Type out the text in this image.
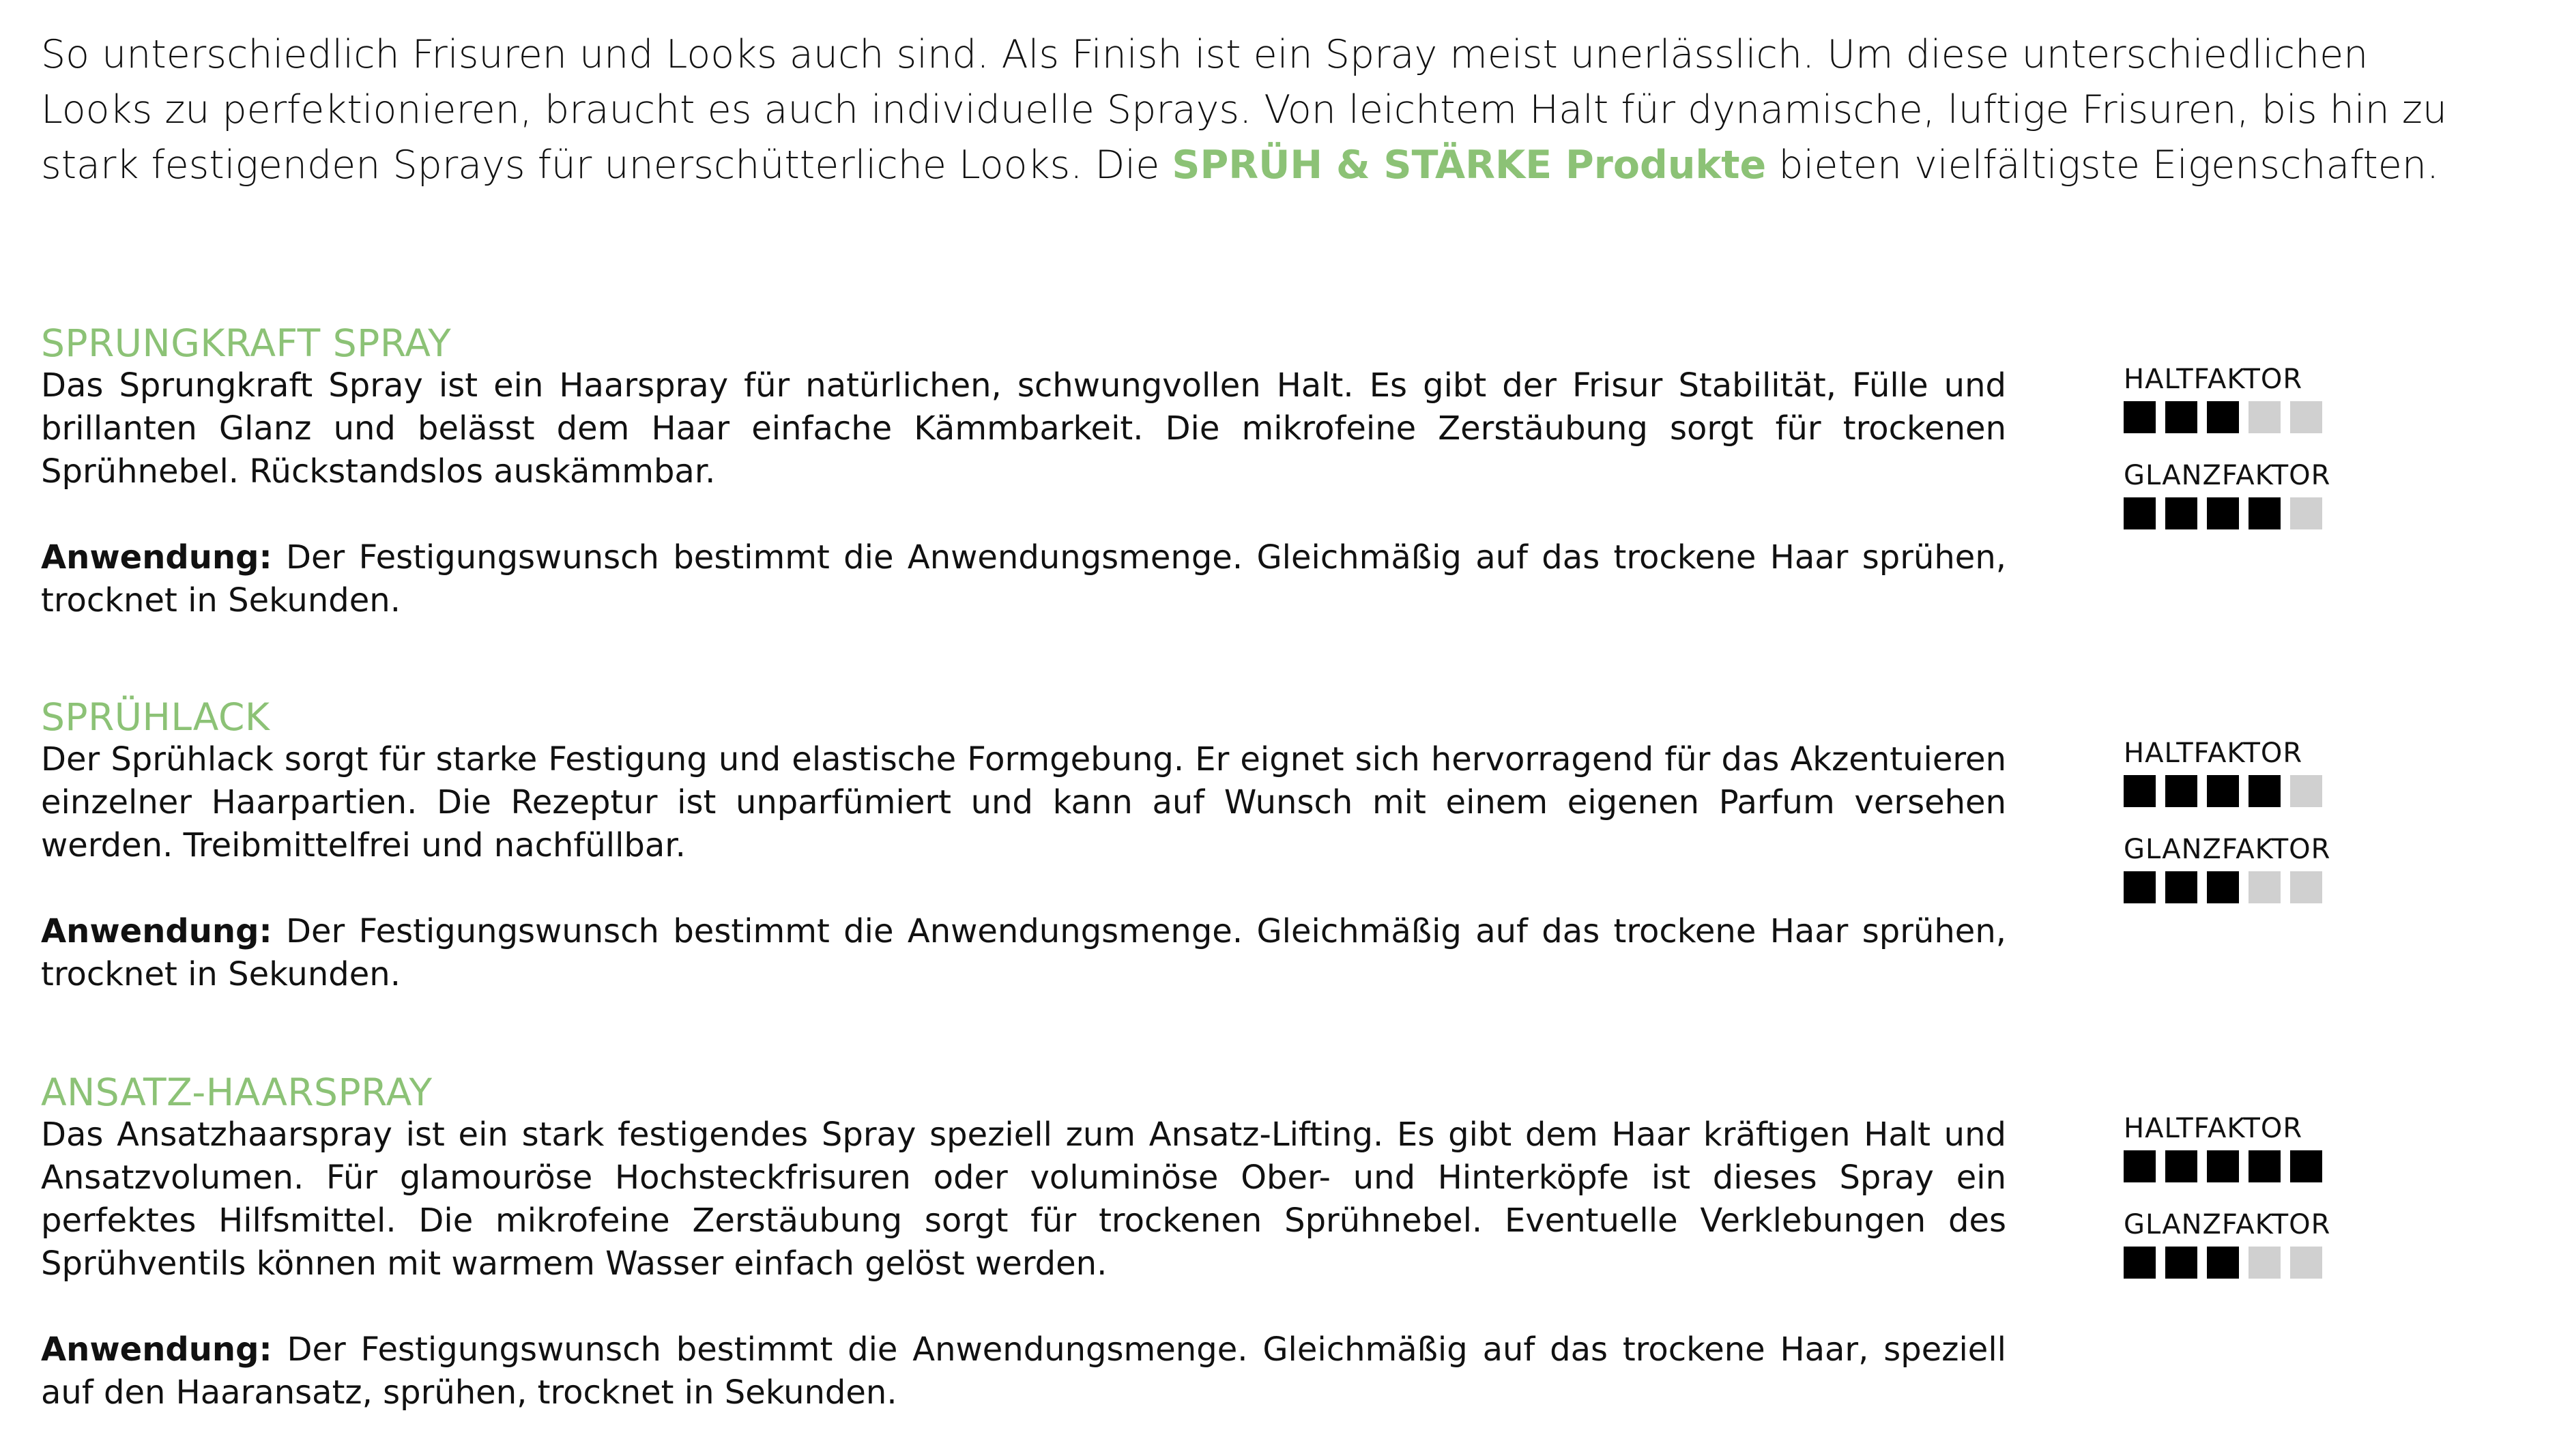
So unterschiedlich Frisuren und Looks auch sind. Als Finish ist ein Spray meist unerlässlich. Um diese unterschiedlichen Looks zu perfektionieren, braucht es auch individuelle Sprays. Von leichtem Halt für dynamische, luftige Frisuren, bis hin zu stark festigenden Sprays für unerschütterliche Looks. Die SPRÜH & STÄRKE Produkte bieten vielfältigste Eigenschaften.

SPRUNGKRAFT SPRAY

Das Sprungkraft Spray ist ein Haarspray für natürlichen, schwungvollen Halt. Es gibt der Frisur Stabilität, Fülle und brillanten Glanz und belässt dem Haar einfache Kämmbarkeit. Die mikrofeine Zerstäubung sorgt für trockenen Sprühnebel. Rückstandslos auskämmbar.

Anwendung: Der Festigungswunsch bestimmt die Anwendungsmenge. Gleichmäßig auf das trockene Haar sprühen, trocknet in Sekunden.

HALTFAKTOR

GLANZFAKTOR

SPRÜHLACK

Der Sprühlack sorgt für starke Festigung und elastische Formgebung. Er eignet sich hervorragend für das Akzentuieren einzelner Haarpartien. Die Rezeptur ist unparfümiert und kann auf Wunsch mit einem eigenen Parfum versehen werden. Treibmittelfrei und nachfüllbar.

Anwendung: Der Festigungswunsch bestimmt die Anwendungsmenge. Gleichmäßig auf das trockene Haar sprühen, trocknet in Sekunden.

HALTFAKTOR

GLANZFAKTOR

ANSATZ-HAARSPRAY

Das Ansatzhaarspray ist ein stark festigendes Spray speziell zum Ansatz-Lifting. Es gibt dem Haar kräftigen Halt und Ansatzvolumen. Für glamouröse Hochsteckfrisuren oder voluminöse Ober- und Hinterköpfe ist dieses Spray ein perfektes Hilfsmittel. Die mikrofeine Zerstäubung sorgt für trockenen Sprühnebel. Eventuelle Verklebungen des Sprühventils können mit warmem Wasser einfach gelöst werden.

Anwendung: Der Festigungswunsch bestimmt die Anwendungsmenge. Gleichmäßig auf das trockene Haar, speziell auf den Haaransatz, sprühen, trocknet in Sekunden.

HALTFAKTOR

GLANZFAKTOR
